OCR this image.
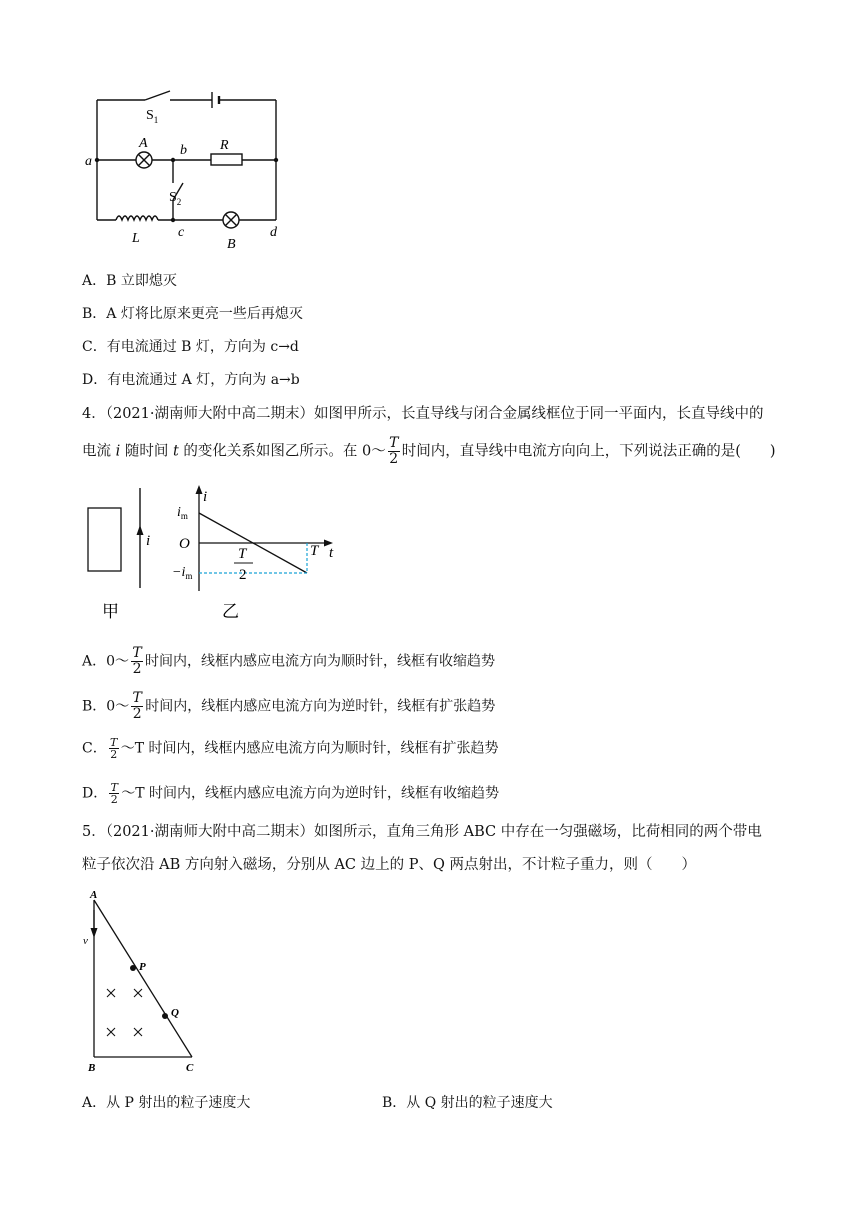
$S_1$
A
a
b R
$S_2$
L	c
B
d
A．B 立即熄灭
B．A 灯将比原来更亮一些后再熄灭
C．有电流通过 B 灯，方向为 c→d
D．有电流通过 A 灯，方向为 a→b
4．（2021·湖南师大附中高二期末）如图甲所示，长直导线与闭合金属线框位于同一平面内，长直导线中的
电流 i 随时间 t 的变化关系如图乙所示。在 0～ $\frac{T}{2}$ 时间内，直导线中电流方向向上，下列说法正确的是(　　)
i
甲
i
t
$i_m$
O
$-i_m$
T
T
2
乙
A．0～ $\frac{T}{2}$ 时间内，线框内感应电流方向为顺时针，线框有收缩趋势
B．0～ $\frac{T}{2}$ 时间内，线框内感应电流方向为逆时针，线框有扩张趋势
C． $\frac{T}{2}$ ～T 时间内，线框内感应电流方向为顺时针，线框有扩张趋势
D． $\frac{T}{2}$ ～T 时间内，线框内感应电流方向为逆时针，线框有收缩趋势
5．（2021·湖南师大附中高二期末）如图所示，直角三角形 ABC 中存在一匀强磁场，比荷相同的两个带电
粒子依次沿 AB 方向射入磁场，分别从 AC 边上的 P、Q 两点射出，不计粒子重力，则（　　）
A
v
P
Q
B	C
A．从 P 射出的粒子速度大	B．从 Q 射出的粒子速度大
